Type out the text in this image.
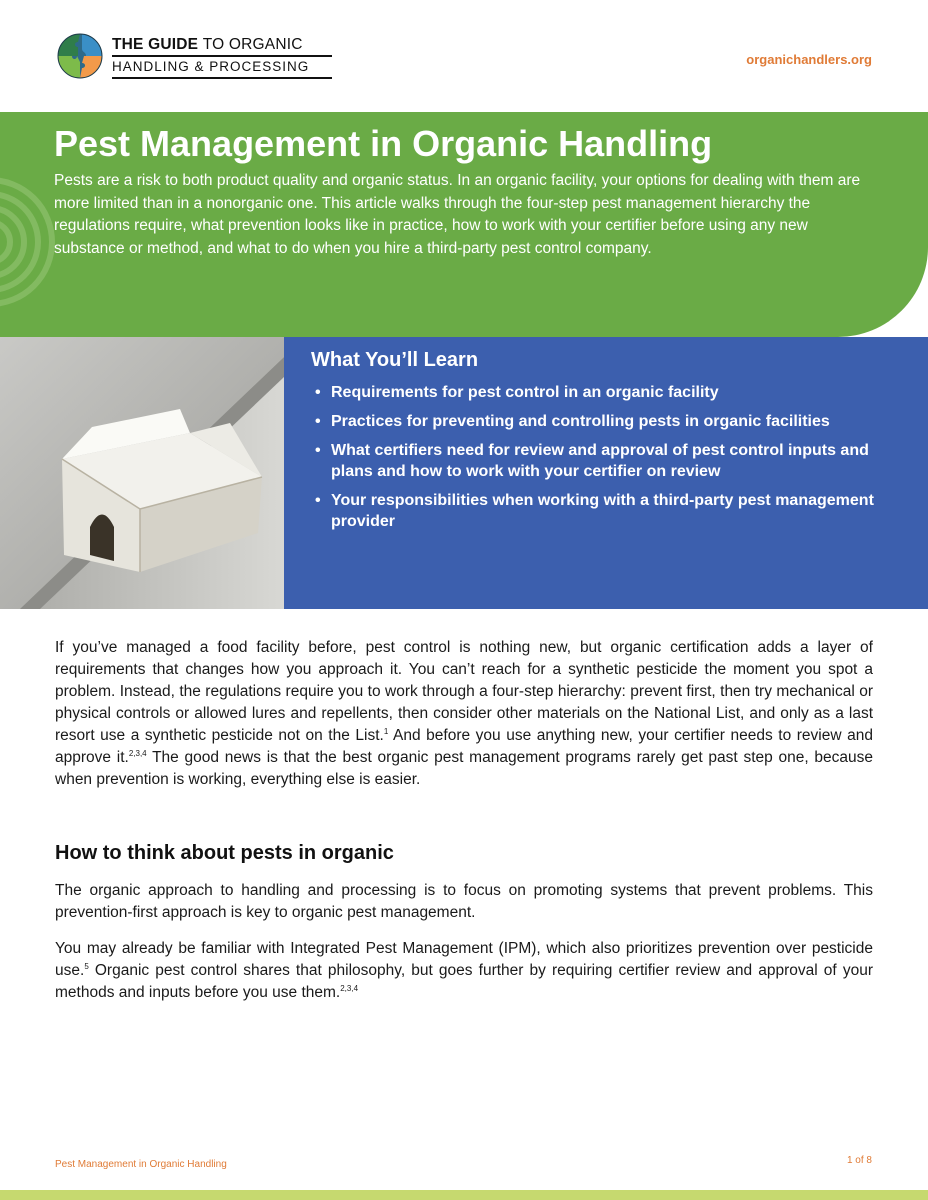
THE GUIDE TO ORGANIC
HANDLING & PROCESSING	organichandlers.org
Pest Management in Organic Handling

Pests are a risk to both product quality and organic status. In an organic facility, your options for dealing with them are more limited than in a nonorganic one. This article walks through the four-step pest management hierarchy the regulations require, what prevention looks like in practice, how to work with your certifier before using any new substance or method, and what to do when you hire a third-party pest control company.

What You’ll Learn
• Requirements for pest control in an organic facility
• Practices for preventing and controlling pests in organic facilities
• What certifiers need for review and approval of pest control inputs and plans and how to work with your certifier on review
• Your responsibilities when working with a third-party pest management provider

If you’ve managed a food facility before, pest control is nothing new, but organic certification adds a layer of requirements that changes how you approach it. You can’t reach for a synthetic pesticide the moment you spot a problem. Instead, the regulations require you to work through a four-step hierarchy: prevent first, then try mechanical or physical controls or allowed lures and repellents, then consider other materials on the National List, and only as a last resort use a synthetic pesticide not on the List.$^1$ And before you use anything new, your certifier needs to review and approve it.$^{2,3,4}$ The good news is that the best organic pest management programs rarely get past step one, because when prevention is working, everything else is easier.

How to think about pests in organic

The organic approach to handling and processing is to focus on promoting systems that prevent problems. This prevention-first approach is key to organic pest management.

You may already be familiar with Integrated Pest Management (IPM), which also prioritizes prevention over pesticide use.$^5$ Organic pest control shares that philosophy, but goes further by requiring certifier review and approval of your methods and inputs before you use them.$^{2,3,4}$

Pest Management in Organic Handling	1 of 8
